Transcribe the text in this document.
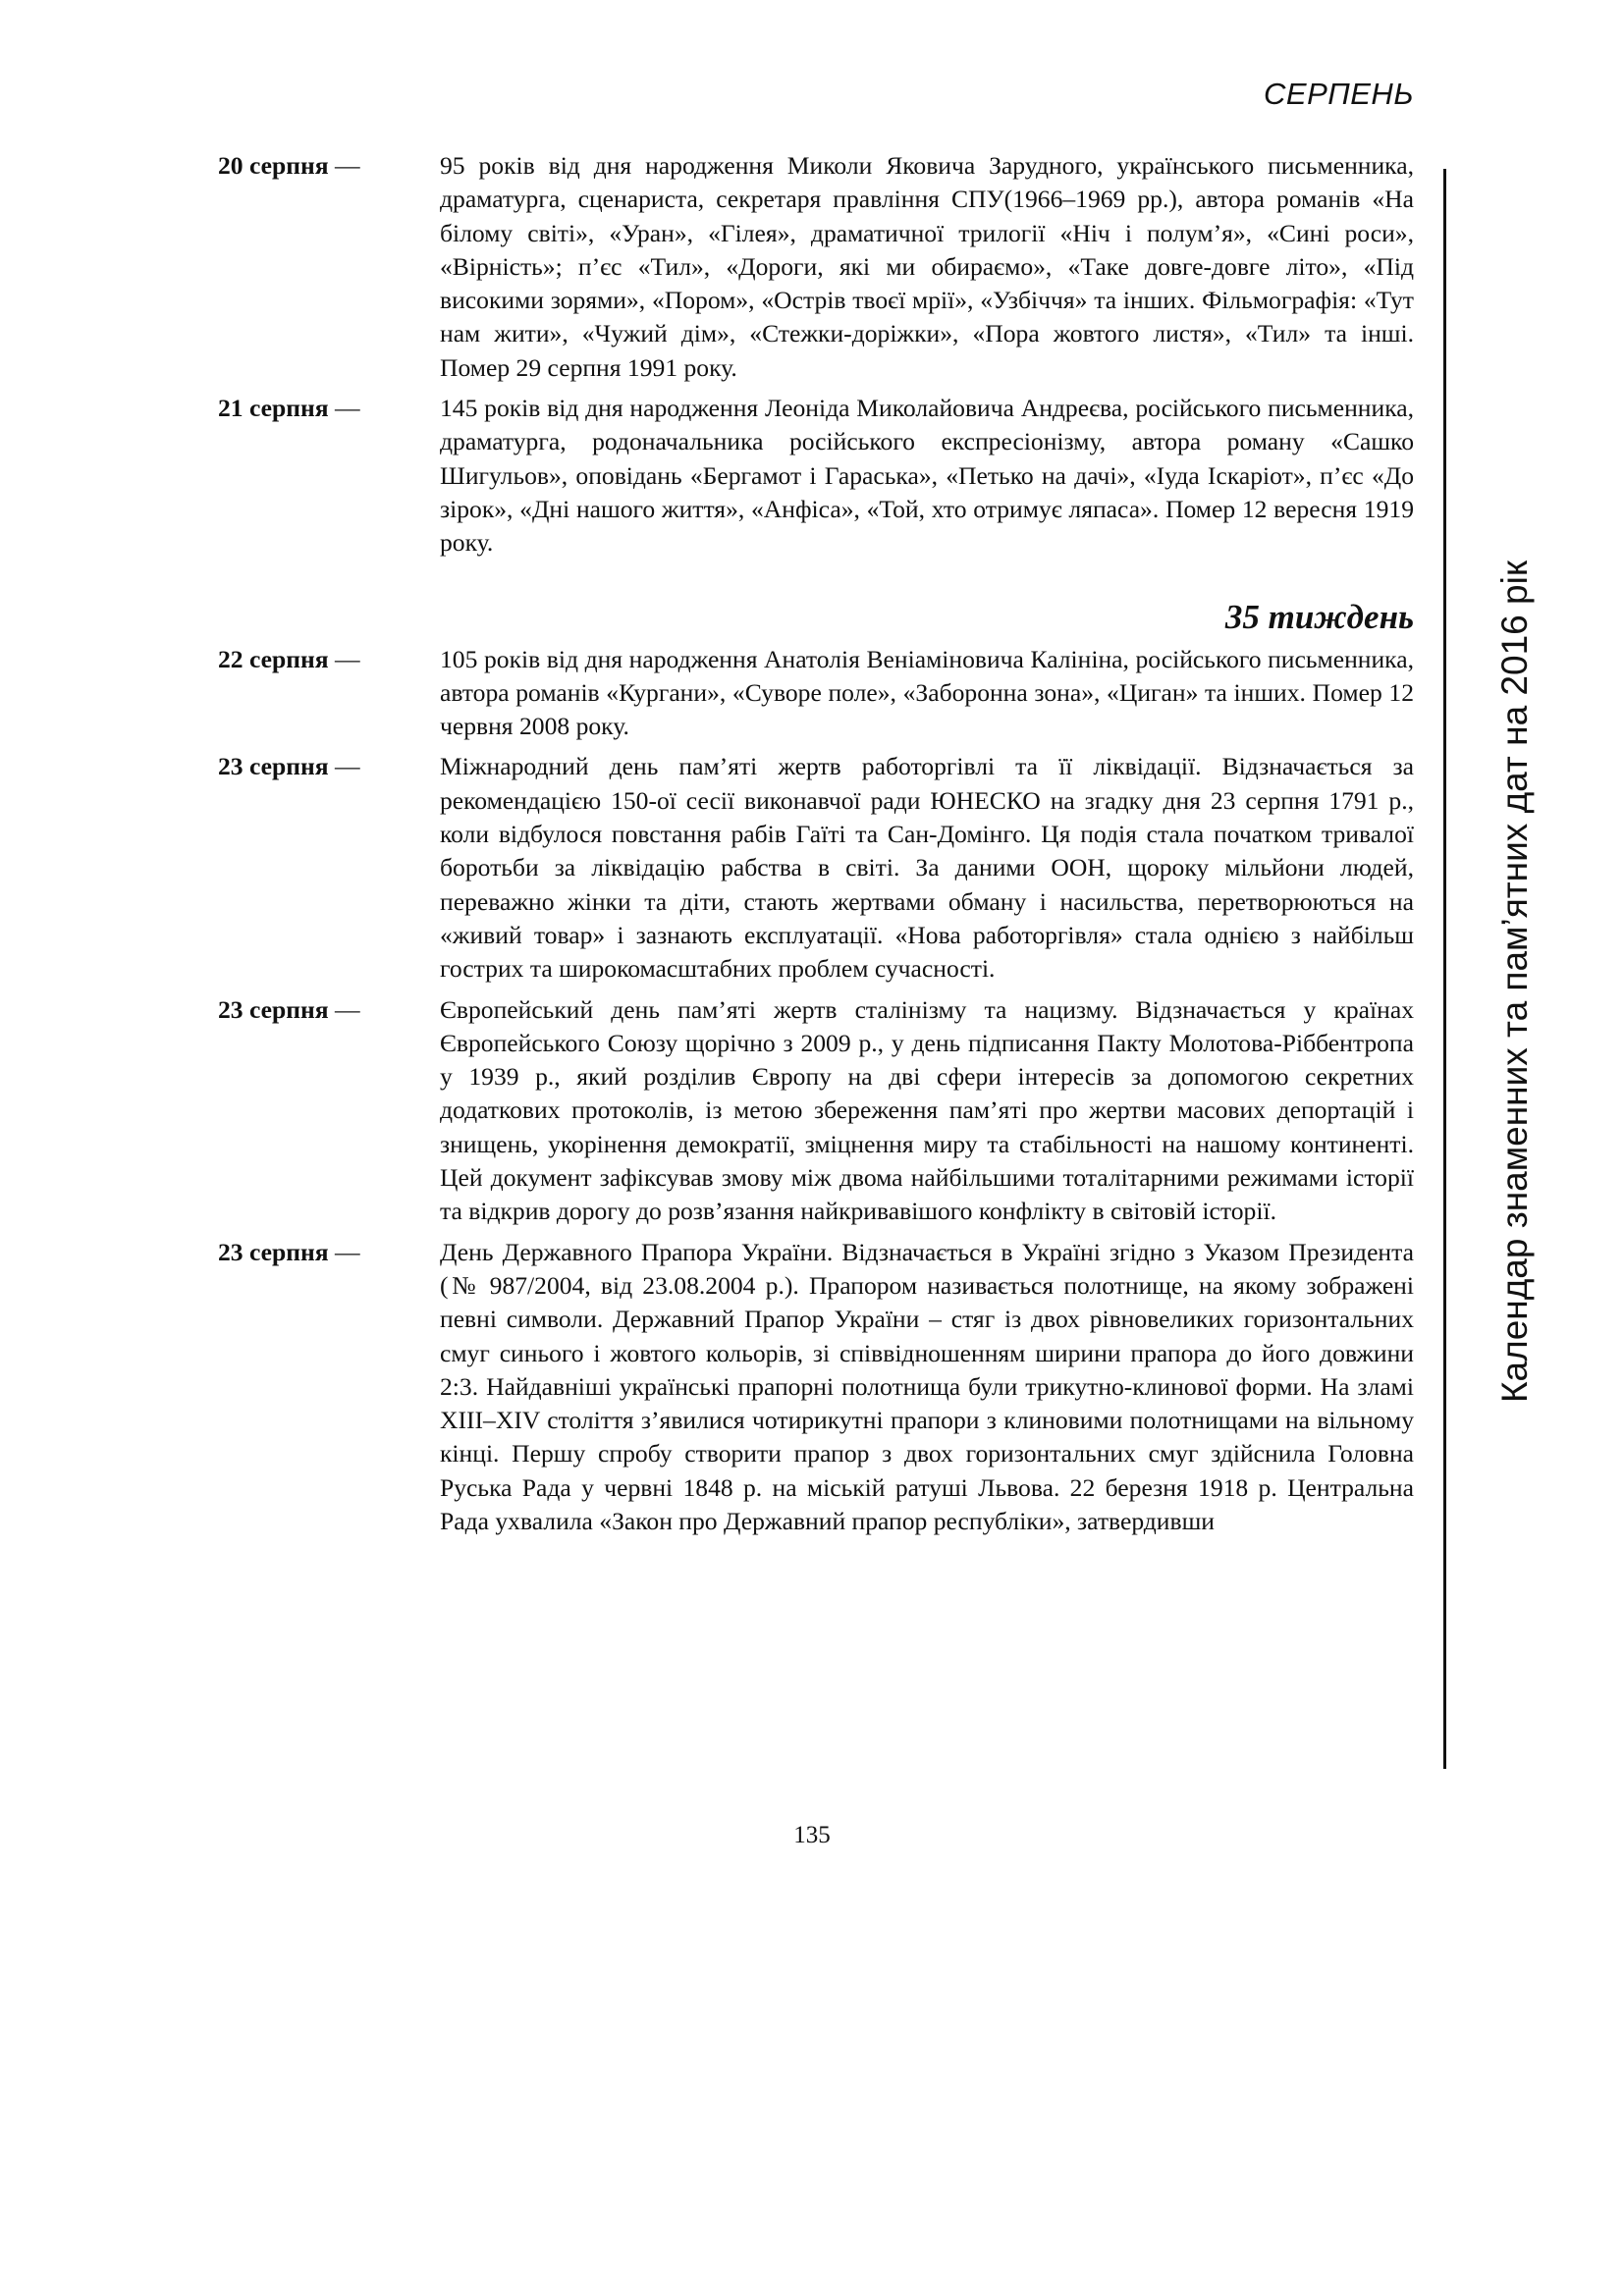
СЕРПЕНЬ
Календар знаменних та пам’ятних дат на 2016 рік
20 серпня —	95 років від дня народження Миколи Яковича Зарудного, українського письменника, драматурга, сценариста, секретаря правління СПУ(1966–1969 рр.), автора романів «На білому світі», «Уран», «Гілея», драматичної трилогії «Ніч і полум’я», «Сині роси», «Вірність»; п’єс «Тил», «Дороги, які ми обираємо», «Таке довге-довге літо», «Під високими зорями», «Пором», «Острів твоєї мрії», «Узбіччя» та інших. Фільмографія: «Тут нам жити», «Чужий дім», «Стежки-доріжки», «Пора жовтого листя», «Тил» та інші. Помер 29 серпня 1991 року.
21 серпня —	145 років від дня народження Леоніда Миколайовича Андреєва, російського письменника, драматурга, родоначальника російського експресіонізму, автора роману «Сашко Шигульов», оповідань «Бергамот і Гараська», «Петько на дачі», «Іуда Іскаріот», п’єс «До зірок», «Дні нашого життя», «Анфіса», «Той, хто отримує ляпаса». Помер 12 вересня 1919 року.
35 тиждень
22 серпня —	105 років від дня народження Анатолія Веніаміновича Калініна, російського письменника, автора романів «Кургани», «Суворе поле», «Заборонна зона», «Циган» та інших. Помер 12 червня 2008 року.
23 серпня —	Міжнародний день пам’яті жертв работоргівлі та її ліквідації. Відзначається за рекомендацією 150-ої сесії виконавчої ради ЮНЕСКО на згадку дня 23 серпня 1791 р., коли відбулося повстання рабів Гаїті та Сан-Домінго. Ця подія стала початком тривалої боротьби за ліквідацію рабства в світі. За даними ООН, щороку мільйони людей, переважно жінки та діти, стають жертвами обману і насильства, перетворюються на «живий товар» і зазнають експлуатації. «Нова работоргівля» стала однією з найбільш гострих та широкомасштабних проблем сучасності.
23 серпня —	Європейський день пам’яті жертв сталінізму та нацизму. Відзначається у країнах Європейського Союзу щорічно з 2009 р., у день підписання Пакту Молотова-Ріббентропа у 1939 р., який розділив Європу на дві сфери інтересів за допомогою секретних додаткових протоколів, із метою збереження пам’яті про жертви масових депортацій і знищень, укорінення демократії, зміцнення миру та стабільності на нашому континенті. Цей документ зафіксував змову між двома найбільшими тоталітарними режимами історії та відкрив дорогу до розв’язання найкривавішого конфлікту в світовій історії.
23 серпня —	День Державного Прапора України. Відзначається в Україні згідно з Указом Президента (№ 987/2004, від 23.08.2004 р.). Прапором називається полотнище, на якому зображені певні символи. Державний Прапор України – стяг із двох рівновеликих горизонтальних смуг синього і жовтого кольорів, зі співвідношенням ширини прапора до його довжини 2:3. Найдавніші українські прапорні полотнища були трикутно-клинової форми. На зламі ХІІІ–ХІV століття з’явилися чотирикутні прапори з клиновими полотнищами на вільному кінці. Першу спробу створити прапор з двох горизонтальних смуг здійснила Головна Руська Рада у червні 1848 р. на міській ратуші Львова. 22 березня 1918 р. Центральна Рада ухвалила «Закон про Державний прапор республіки», затвердивши
135
